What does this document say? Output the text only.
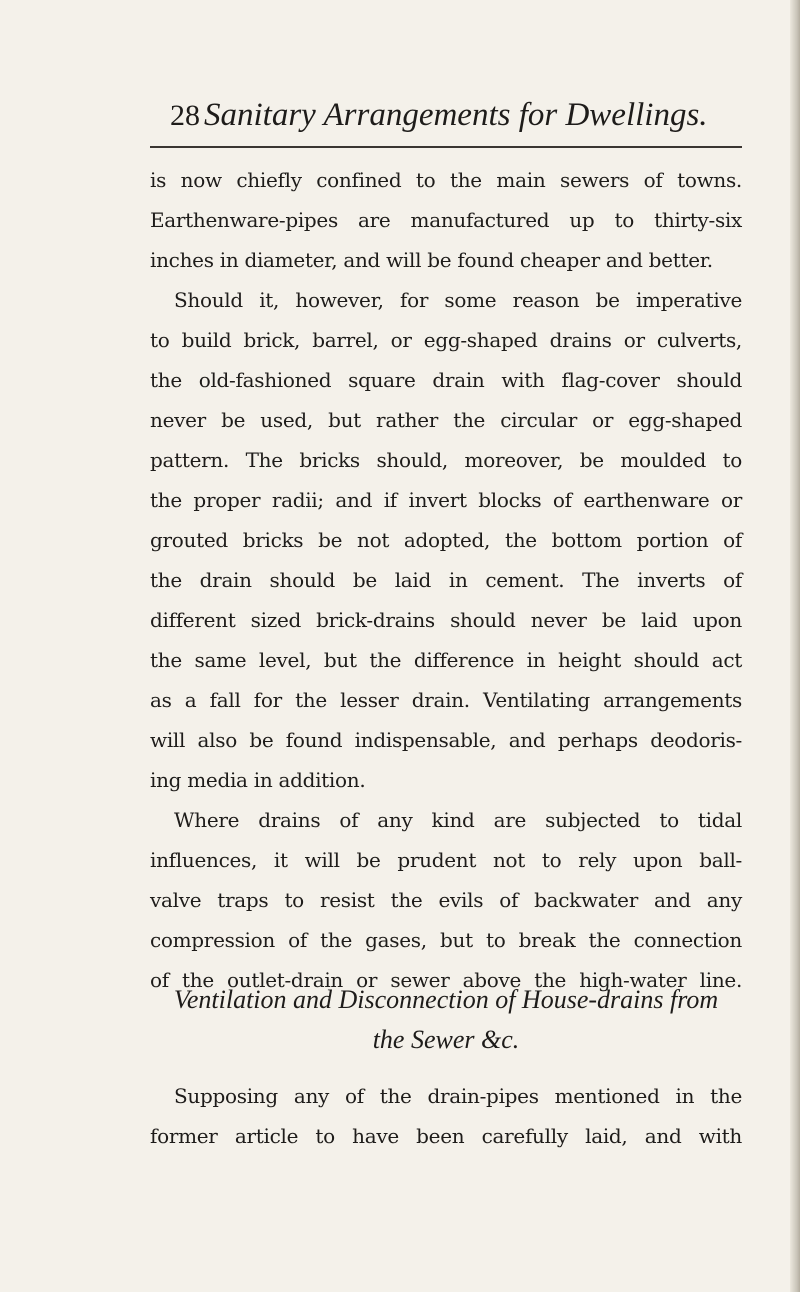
28 Sanitary Arrangements for Dwellings.
is now chiefly confined to the main sewers of towns.
Earthenware-pipes are manufactured up to thirty-six
inches in diameter, and will be found cheaper and better.
Should it, however, for some reason be imperative
to build brick, barrel, or egg-shaped drains or culverts,
the old-fashioned square drain with flag-cover should
never be used, but rather the circular or egg-shaped
pattern. The bricks should, moreover, be moulded to
the proper radii; and if invert blocks of earthenware or
grouted bricks be not adopted, the bottom portion of
the drain should be laid in cement. The inverts of
different sized brick-drains should never be laid upon
the same level, but the difference in height should act
as a fall for the lesser drain. Ventilating arrangements
will also be found indispensable, and perhaps deodoris-
ing media in addition.
Where drains of any kind are subjected to tidal
influences, it will be prudent not to rely upon ball-
valve traps to resist the evils of backwater and any
compression of the gases, but to break the connection
of the outlet-drain or sewer above the high-water line.
Ventilation and Disconnection of House-drains from
the Sewer &c.
Supposing any of the drain-pipes mentioned in the
former article to have been carefully laid, and with
